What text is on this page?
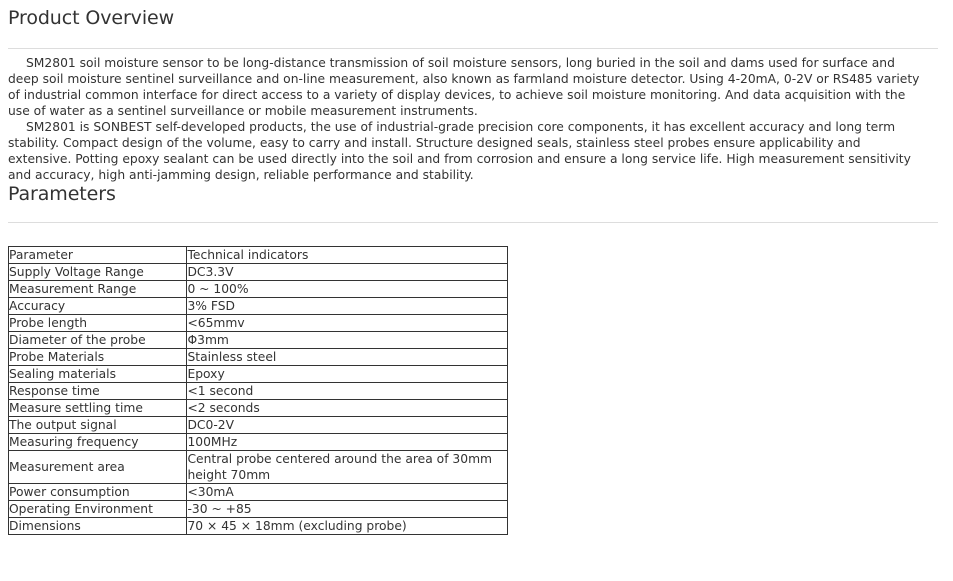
Product Overview

SM2801 soil moisture sensor to be long-distance transmission of soil moisture sensors, long buried in the soil and dams used for surface and deep soil moisture sentinel surveillance and on-line measurement, also known as farmland moisture detector. Using 4-20mA, 0-2V or RS485 variety of industrial common interface for direct access to a variety of display devices, to achieve soil moisture monitoring. And data acquisition with the use of water as a sentinel surveillance or mobile measurement instruments.

SM2801 is SONBEST self-developed products, the use of industrial-grade precision core components, it has excellent accuracy and long term stability. Compact design of the volume, easy to carry and install. Structure designed seals, stainless steel probes ensure applicability and extensive. Potting epoxy sealant can be used directly into the soil and from corrosion and ensure a long service life. High measurement sensitivity and accuracy, high anti-jamming design, reliable performance and stability.

Parameters
Parameter	Technical indicators
Supply Voltage Range	DC3.3V
Measurement Range	0 ~ 100%
Accuracy	3% FSD
Probe length	<65mmv
Diameter of the probe	Φ3mm
Probe Materials	Stainless steel
Sealing materials	Epoxy
Response time	<1 second
Measure settling time	<2 seconds
The output signal	DC0-2V
Measuring frequency	100MHz
Measurement area	Central probe centered around the area of 30mm height 70mm
Power consumption	<30mA
Operating Environment	-30 ~ +85
Dimensions	70 × 45 × 18mm (excluding probe)
